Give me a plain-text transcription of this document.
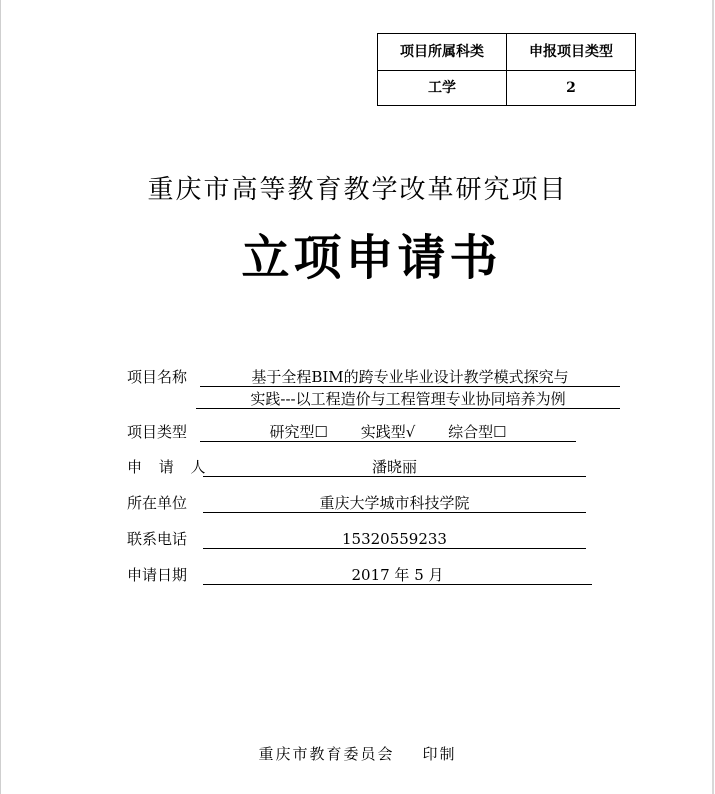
项目所属科类	申报项目类型
工学	2
重庆市高等教育教学改革研究项目
立项申请书
项目名称	基于全程BIM的跨专业毕业设计教学模式探究与
实践---以工程造价与工程管理专业协同培养为例
项目类型	研究型☐ 实践型√ 综合型☐
申 请 人	潘晓丽
所在单位	重庆大学城市科技学院
联系电话	15320559233
申请日期	2017 年 5 月
重庆市教育委员会 印制
